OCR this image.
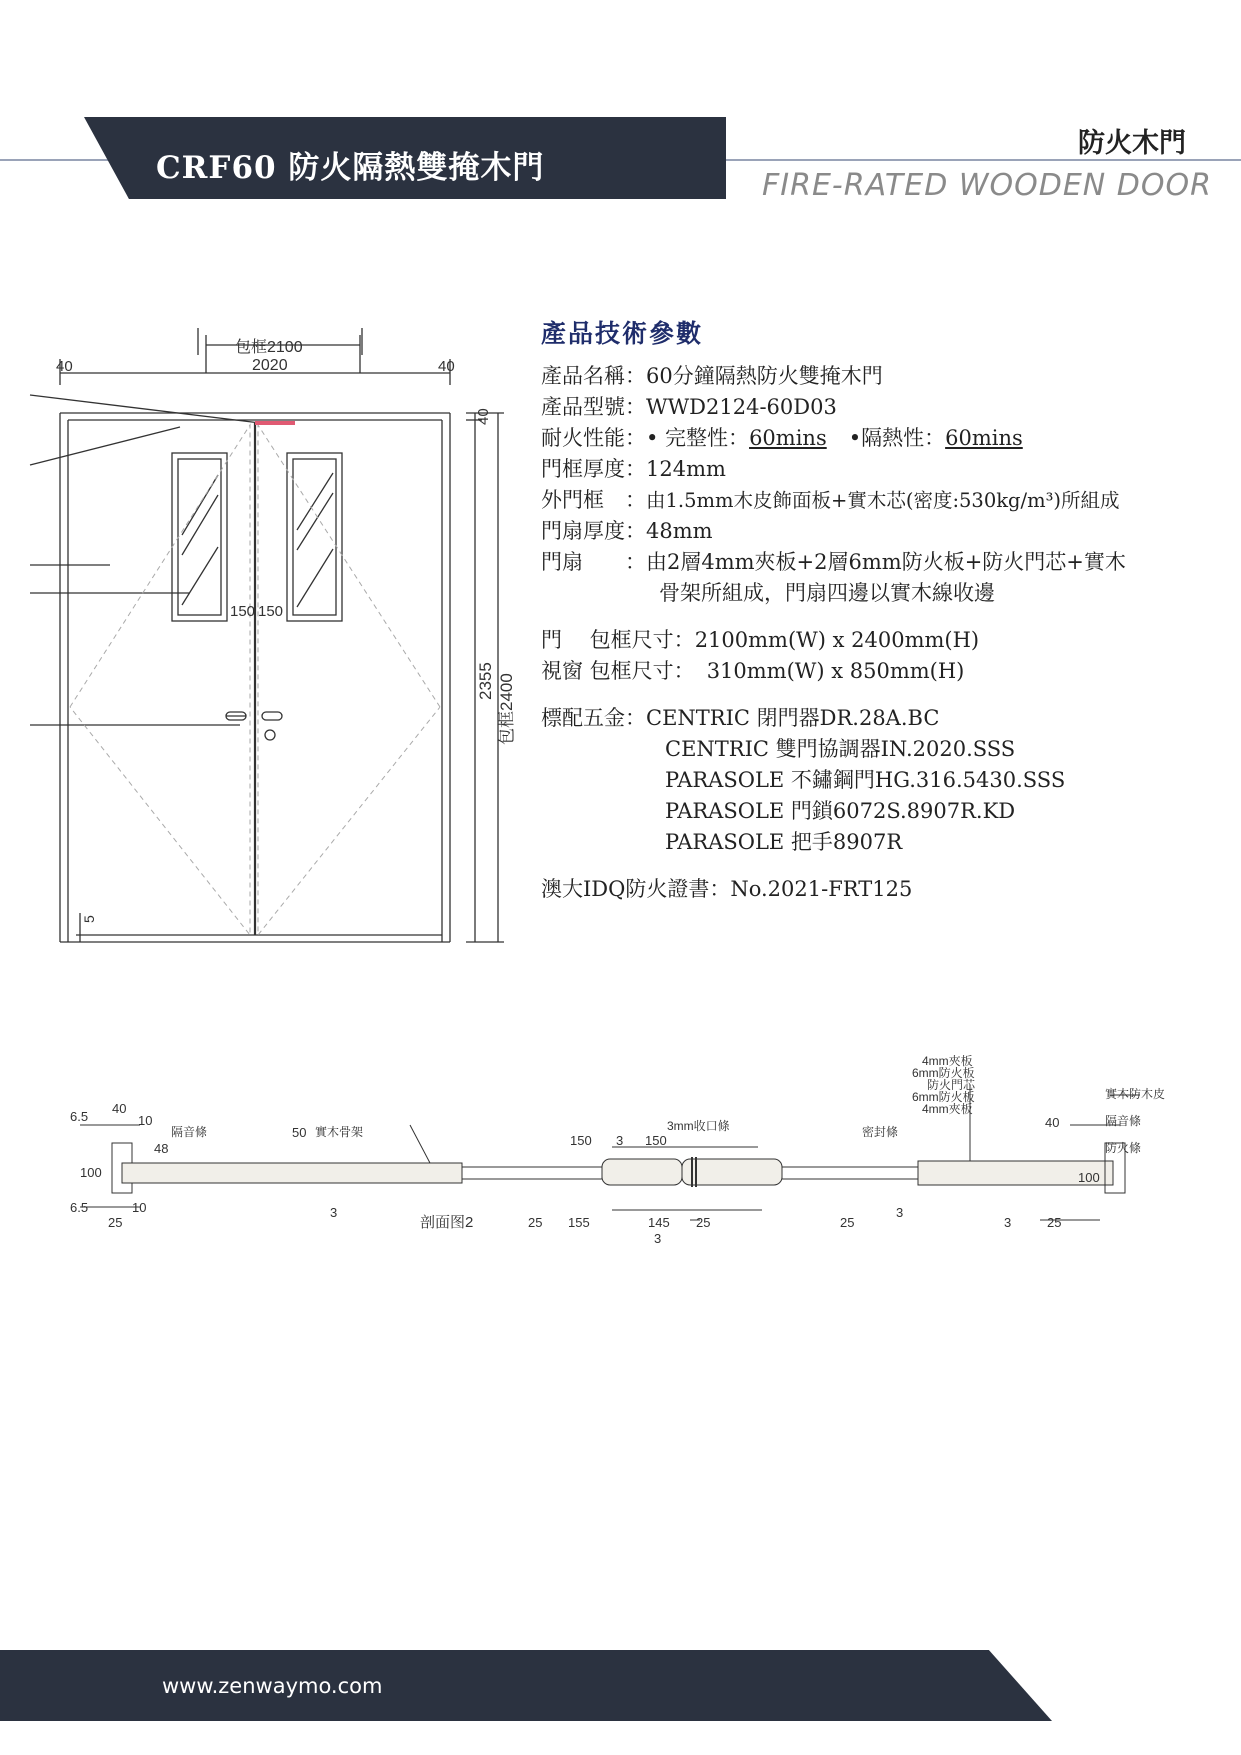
CRF60 防火隔熱雙掩木門
防火木門
FIRE-RATED WOODEN DOOR
包框2100
2020
40	40
40
150 150
2355 包框2400
5
產品技術參數
產品名稱： 60分鐘隔熱防火雙掩木門
產品型號： WWD2124-60D03
耐火性能： • 完整性： 60mins •隔熱性： 60mins
門框厚度： 124mm
外門框　： 由1.5mm木皮飾面板+實木芯(密度:530kg/m³)所組成
門扇厚度： 48mm
門扇　　： 由2層4mm夾板+2層6mm防火板+防火門芯+實木
骨架所組成，門扇四邊以實木線收邊
門　 包框尺寸： 2100mm(W) x 2400mm(H)
視窗 包框尺寸： 310mm(W) x 850mm(H)
標配五金： CENTRIC 閉門器DR.28A.BC
CENTRIC 雙門協調器IN.2020.SSS
PARASOLE 不鏽鋼門HG.316.5430.SSS
PARASOLE 門鎖6072S.8907R.KD
PARASOLE 把手8907R
澳大IDQ防火證書： No.2021-FRT125
4mm夾板
6mm防火板
防火門芯
6mm防火板
4mm夾板
實木防木皮
隔音條
防火條
實木骨架	3mm收口條	密封條
隔音條
剖面图2
6.5
40
10
48
100
6.5	10
25
50
3
150 3 150
25 155	145 25
3
25
3
3	25
40
100
www.zenwaymo.com
